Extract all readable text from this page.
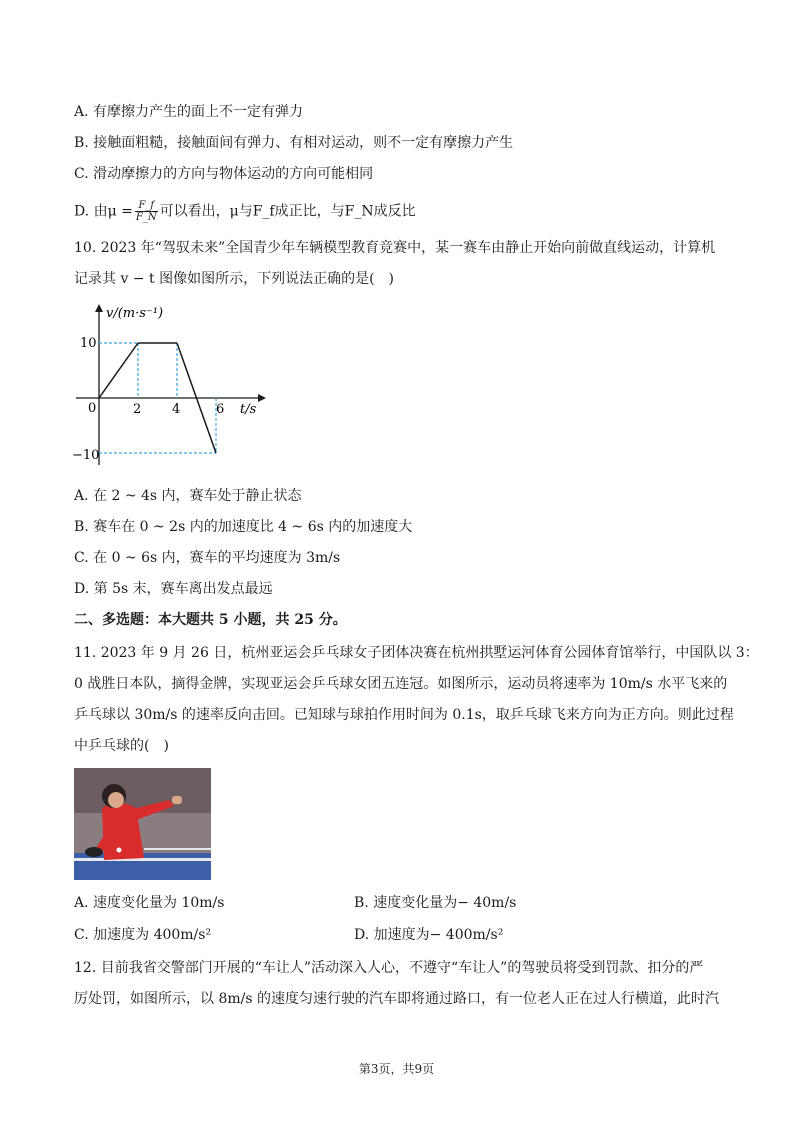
A. 有摩擦力产生的面上不一定有弹力
B. 接触面粗糙，接触面间有弹力、有相对运动，则不一定有摩擦力产生
C. 滑动摩擦力的方向与物体运动的方向可能相同
D. 由$\mu = \frac{F\_f}{F\_N}$ 可以看出，μ与F_f成正比，与F_N成反比
10. 2023 年“驾驭未来”全国青少年车辆模型教育竞赛中，某一赛车由静止开始向前做直线运动，计算机
记录其 v − t 图像如图所示，下列说法正确的是(　)
v/(m·s⁻¹)
t/s
0	2 4	6
10
−10
A. 在 2 ~ 4s 内，赛车处于静止状态
B. 赛车在 0 ~ 2s 内的加速度比 4 ~ 6s 内的加速度大
C. 在 0 ~ 6s 内，赛车的平均速度为 3m/s
D. 第 5s 末，赛车离出发点最远
二、多选题：本大题共 5 小题，共 25 分。
11. 2023 年 9 月 26 日，杭州亚运会乒乓球女子团体决赛在杭州拱墅运河体育公园体育馆举行，中国队以 3：
0 战胜日本队，摘得金牌，实现亚运会乒乓球女团五连冠。如图所示，运动员将速率为 10m/s 水平飞来的
乒乓球以 30m/s 的速率反向击回。已知球与球拍作用时间为 0.1s，取乒乓球飞来方向为正方向。则此过程
中乒乓球的(　)
A. 速度变化量为 10m/s	B. 速度变化量为− 40m/s
C. 加速度为 400m/s²	D. 加速度为− 400m/s²
12. 目前我省交警部门开展的“车让人”活动深入人心，不遵守“车让人”的驾驶员将受到罚款、扣分的严
厉处罚，如图所示，以 8m/s 的速度匀速行驶的汽车即将通过路口，有一位老人正在过人行横道，此时汽
第3页，共9页
